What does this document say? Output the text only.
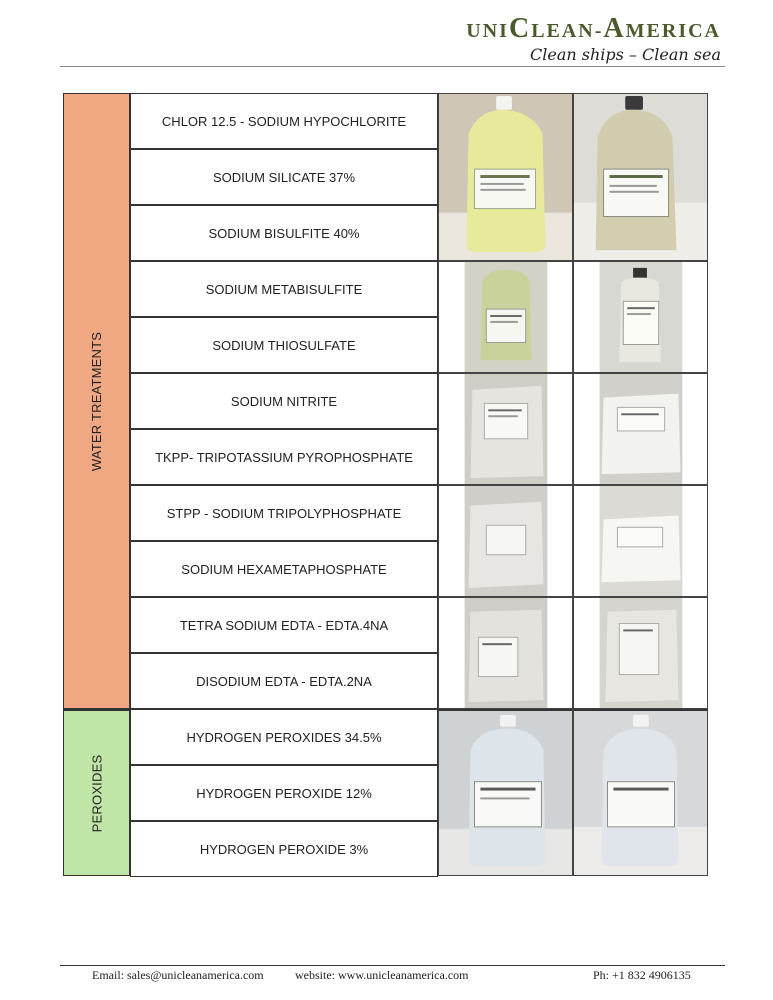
UNICLEAN-AMERICA
Clean ships – Clean sea
WATER TREATMENTS
PEROXIDES
CHLOR 12.5 - SODIUM HYPOCHLORITE
SODIUM SILICATE 37%
SODIUM BISULFITE 40%
SODIUM METABISULFITE
SODIUM THIOSULFATE
SODIUM NITRITE
TKPP- TRIPOTASSIUM PYROPHOSPHATE
STPP - SODIUM TRIPOLYPHOSPHATE
SODIUM HEXAMETAPHOSPHATE
TETRA SODIUM EDTA - EDTA.4NA
DISODIUM EDTA - EDTA.2NA
HYDROGEN PEROXIDES 34.5%
HYDROGEN PEROXIDE 12%
HYDROGEN PEROXIDE 3%
Email: sales@unicleanamerica.com	website: www.unicleanamerica.com	Ph: +1 832 4906135
